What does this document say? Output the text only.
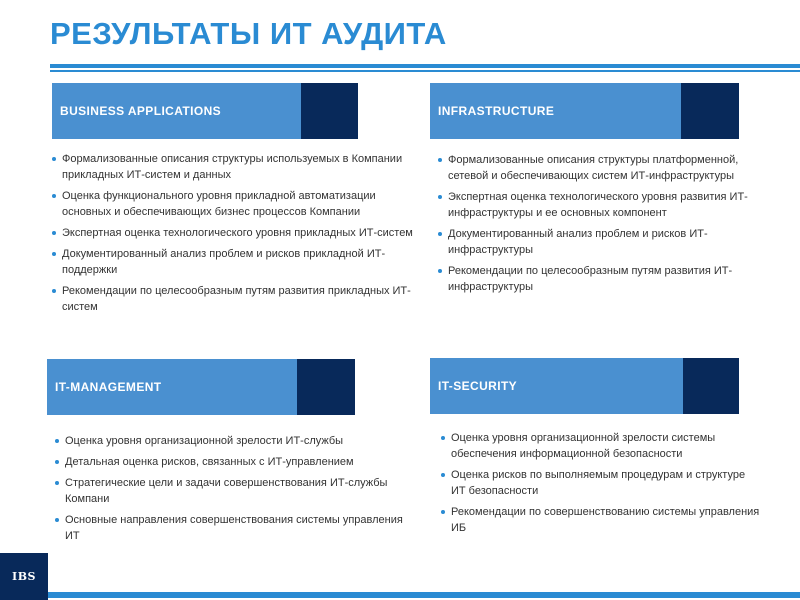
РЕЗУЛЬТАТЫ ИТ АУДИТА
BUSINESS APPLICATIONS
Формализованные описания структуры используемых в Компании прикладных ИТ-систем и данных
Оценка функционального уровня прикладной автоматизации основных и обеспечивающих бизнес процессов Компании
Экспертная оценка технологического уровня прикладных ИТ-систем
Документированный анализ проблем и рисков прикладной ИТ-поддержки
Рекомендации по целесообразным путям развития прикладных ИТ-систем
INFRASTRUCTURE
Формализованные описания структуры платформенной, сетевой и обеспечивающих систем ИТ-инфраструктуры
Экспертная оценка технологического уровня развития ИТ-инфраструктуры и ее основных компонент
Документированный анализ проблем и рисков ИТ-инфраструктуры
Рекомендации по целесообразным путям развития ИТ-инфраструктуры
IT-MANAGEMENT
Оценка уровня организационной зрелости ИТ-службы
Детальная оценка рисков, связанных с ИТ-управлением
Стратегические цели и задачи совершенствования ИТ-службы Компани
Основные направления совершенствования системы управления ИТ
IT-SECURITY
Оценка уровня организационной зрелости системы обеспечения информационной безопасности
Оценка рисков по выполняемым процедурам и структуре ИТ безопасности
Рекомендации по совершенствованию системы управления ИБ
IBS
